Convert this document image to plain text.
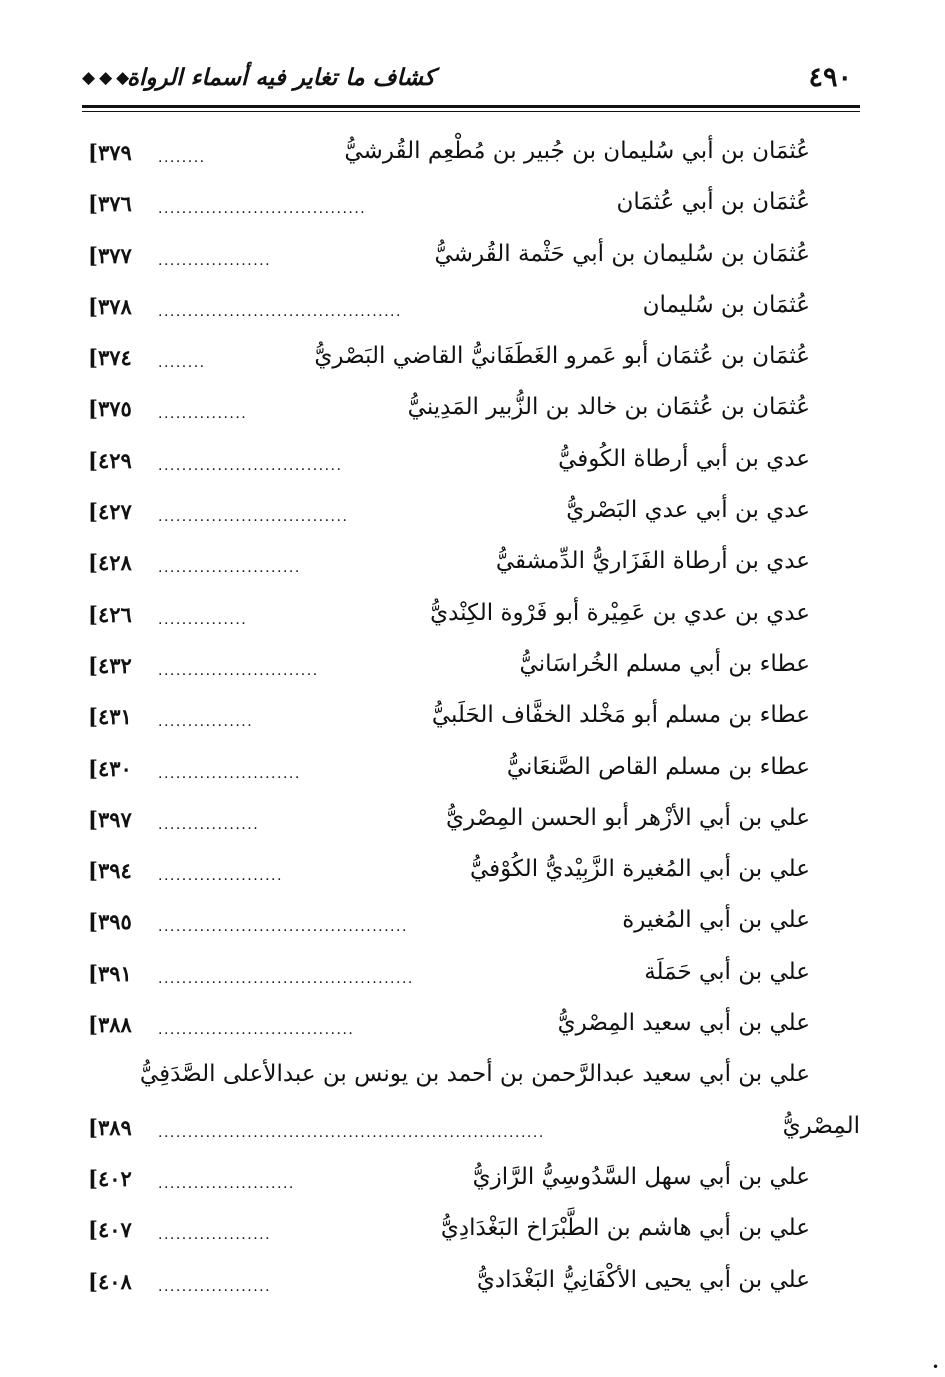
٤٩٠
كشاف ما تغاير فيه أسماء الرواة
◆◆◆
عُثمَان بن أبي سُليمان بن جُبير بن مُطْعِم القُرشيُّ
........
[٣٧٩
عُثمَان بن أبي عُثمَان
...................................
[٣٧٦
عُثمَان بن سُليمان بن أبي حَثْمة القُرشيُّ
...................
[٣٧٧
عُثمَان بن سُليمان
.........................................
[٣٧٨
عُثمَان بن عُثمَان أبو عَمرو الغَطَفَانيُّ القاضي البَصْريُّ
........
[٣٧٤
عُثمَان بن عُثمَان بن خالد بن الزُّبير المَدِينيُّ
...............
[٣٧٥
عدي بن أبي أرطاة الكُوفيُّ
...............................
[٤٢٩
عدي بن أبي عدي البَصْريُّ
................................
[٤٢٧
عدي بن أرطاة الفَزَاريُّ الدِّمشقيُّ
........................
[٤٢٨
عدي بن عدي بن عَمِيْرة أبو فَرْوة الكِنْديُّ
...............
[٤٢٦
عطاء بن أبي مسلم الخُراسَانيُّ
...........................
[٤٣٢
عطاء بن مسلم أبو مَخْلد الخفَّاف الحَلَبيُّ
................
[٤٣١
عطاء بن مسلم القاص الصَّنعَانيُّ
........................
[٤٣٠
علي بن أبي الأزْهر أبو الحسن المِصْريُّ
.................
[٣٩٧
علي بن أبي المُغيرة الزَّبِيْديُّ الكُوْفيُّ
.....................
[٣٩٤
علي بن أبي المُغيرة
..........................................
[٣٩٥
علي بن أبي حَمَلَة
...........................................
[٣٩١
علي بن أبي سعيد المِصْريُّ
.................................
[٣٨٨
علي بن أبي سعيد عبدالرَّحمن بن أحمد بن يونس بن عبدالأعلى الصَّدَفِيُّ
المِصْريُّ
.................................................................
[٣٨٩
علي بن أبي سهل السَّدُوسِيُّ الرَّازيُّ
.......................
[٤٠٢
علي بن أبي هاشم بن الطَّبْرَاخ البَغْدَادِيُّ
...................
[٤٠٧
علي بن أبي يحيى الأكْفَانِيُّ البَغْدَاديُّ
...................
[٤٠٨
•
